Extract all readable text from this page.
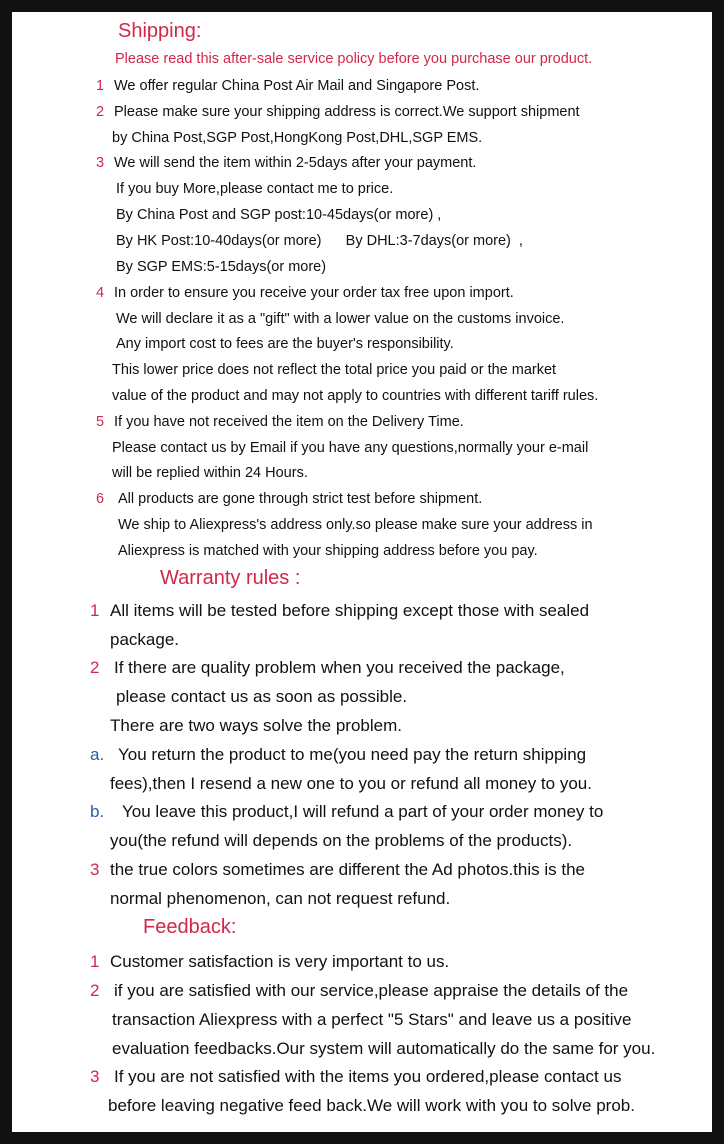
Shipping:
Please read this after-sale service policy before you purchase our product.
1 We offer regular China Post Air Mail and Singapore Post.
2 Please make sure your shipping address is correct.We support shipment
by China Post,SGP Post,HongKong Post,DHL,SGP EMS.
3 We will send the item within 2-5days after your payment.
If you buy More,please contact me to price.
By China Post and SGP post:10-45days(or more) ,
By HK Post:10-40days(or more)      By DHL:3-7days(or more)  ,
By SGP EMS:5-15days(or more)
4 In order to ensure you receive your order tax free upon import.
We will declare it as a "gift" with a lower value on the customs invoice.
Any import cost to fees are the buyer's responsibility.
This lower price does not reflect the total price you paid or the market
value of the product and may not apply to countries with different tariff rules.
5 If you have not received the item on the Delivery Time.
Please contact us by Email if you have any questions,normally your e-mail
will be replied within 24 Hours.
6 All products are gone through strict test before shipment.
We ship to Aliexpress's address only.so please make sure your address in
Aliexpress is matched with your shipping address before you pay.
Warranty rules :
1 All items will be tested before shipping except those with sealed
package.
2 If there are quality problem when you received the package,
please contact us as soon as possible.
There are two ways solve the problem.
a. You return the product to me(you need pay the return shipping
fees),then I resend a new one to you or refund all money to you.
b. You leave this product,I will refund a part of your order money to
you(the refund will depends on the problems of the products).
3 the true colors sometimes are different the Ad photos.this is the
normal phenomenon, can not request refund.
Feedback:
1 Customer satisfaction is very important to us.
2 if you are satisfied with our service,please appraise the details of the
transaction Aliexpress with a perfect "5 Stars" and leave us a positive
evaluation feedbacks.Our system will automatically do the same for you.
3 If you are not satisfied with the items you ordered,please contact us
before leaving negative feed back.We will work with you to solve prob.
